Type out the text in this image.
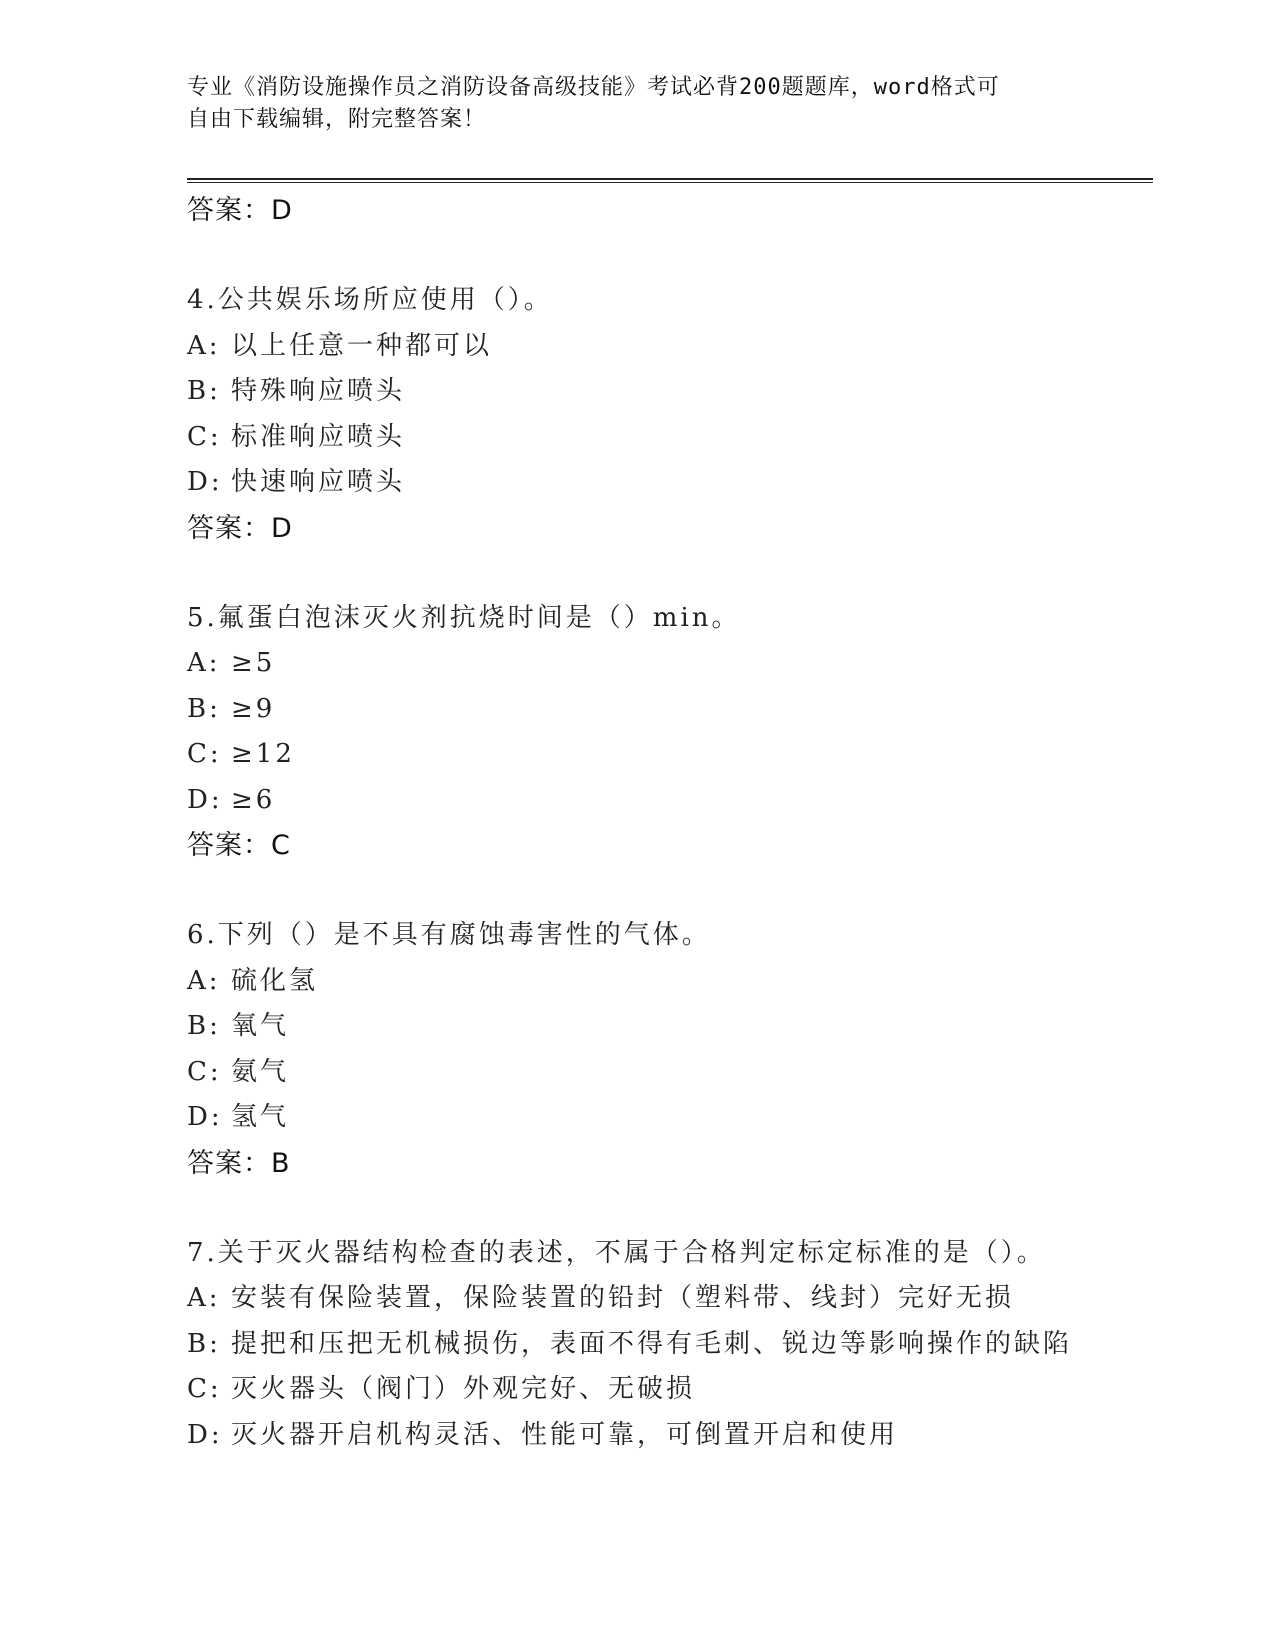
专业《消防设施操作员之消防设备高级技能》考试必背200题题库，word格式可
自由下载编辑，附完整答案！
答案：D
4.公共娱乐场所应使用（）。
A: 以上任意一种都可以
B: 特殊响应喷头
C: 标准响应喷头
D: 快速响应喷头
答案：D
5.氟蛋白泡沫灭火剂抗烧时间是（）min。
A: ≥5
B: ≥9
C: ≥12
D: ≥6
答案：C
6.下列（）是不具有腐蚀毒害性的气体。
A: 硫化氢
B: 氧气
C: 氨气
D: 氢气
答案：B
7.关于灭火器结构检查的表述，不属于合格判定标定标准的是（）。
A: 安装有保险装置，保险装置的铅封（塑料带、线封）完好无损
B: 提把和压把无机械损伤，表面不得有毛刺、锐边等影响操作的缺陷
C: 灭火器头（阀门）外观完好、无破损
D: 灭火器开启机构灵活、性能可靠，可倒置开启和使用
